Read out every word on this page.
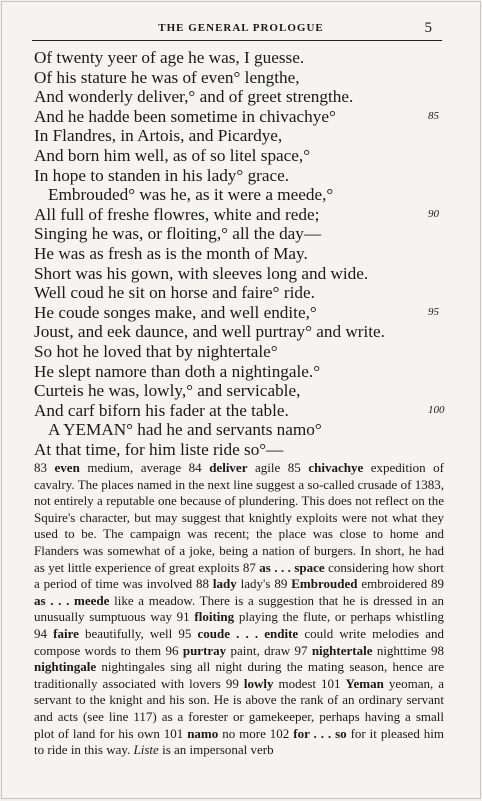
THE GENERAL PROLOGUE	5
Of twenty yeer of age he was, I guesse.
Of his stature he was of even° lengthe,
And wonderly deliver,° and of greet strengthe.
And he hadde been sometime in chivachye°	85
In Flandres, in Artois, and Picardye,
And born him well, as of so litel space,°
In hope to standen in his lady° grace.
Embrouded° was he, as it were a meede,°
All full of freshe flowres, white and rede;	90
Singing he was, or floiting,° all the day—
He was as fresh as is the month of May.
Short was his gown, with sleeves long and wide.
Well coud he sit on horse and faire° ride.
He coude songes make, and well endite,°	95
Joust, and eek daunce, and well purtray° and write.
So hot he loved that by nightertale°
He slept namore than doth a nightingale.°
Curteis he was, lowly,° and servicable,
And carf biforn his fader at the table.	100
A YEMAN° had he and servants namo°
At that time, for him liste ride so°—
83 even medium, average 84 deliver agile 85 chivachye expedition of cavalry. The places named in the next line suggest a so-called crusade of 1383, not entirely a reputable one because of plundering. This does not reflect on the Squire's character, but may suggest that knightly exploits were not what they used to be. The campaign was recent; the place was close to home and Flanders was somewhat of a joke, being a nation of burgers. In short, he had as yet little experience of great exploits 87 as . . . space considering how short a period of time was involved 88 lady lady's 89 Embrouded embroidered 89 as . . . meede like a meadow. There is a suggestion that he is dressed in an unusually sumptuous way 91 floiting playing the flute, or perhaps whistling 94 faire beautifully, well 95 coude . . . endite could write melodies and compose words to them 96 purtray paint, draw 97 nightertale nighttime 98 nightingale nightingales sing all night during the mating season, hence are traditionally associated with lovers 99 lowly modest 101 Yeman yeoman, a servant to the knight and his son. He is above the rank of an ordinary servant and acts (see line 117) as a forester or gamekeeper, perhaps having a small plot of land for his own 101 namo no more 102 for . . . so for it pleased him to ride in this way. Liste is an impersonal verb
